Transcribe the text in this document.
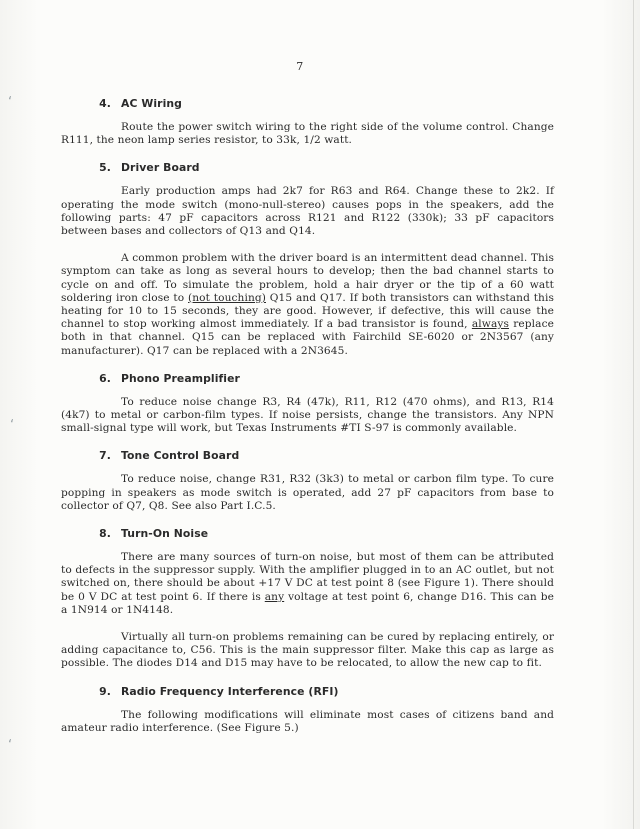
‘
‘
‘
7
4. AC Wiring

Route the power switch wiring to the right side of the volume control. Change R111, the neon lamp series resistor, to 33k, 1/2 watt.

5. Driver Board

Early production amps had 2k7 for R63 and R64. Change these to 2k2. If operating the mode switch (mono-null-stereo) causes pops in the speakers, add the following parts: 47 pF capacitors across R121 and R122 (330k); 33 pF capacitors between bases and collectors of Q13 and Q14.

A common problem with the driver board is an intermittent dead channel. This symptom can take as long as several hours to develop; then the bad channel starts to cycle on and off. To simulate the problem, hold a hair dryer or the tip of a 60 watt soldering iron close to (not touching) Q15 and Q17. If both transistors can withstand this heating for 10 to 15 seconds, they are good. However, if defective, this will cause the channel to stop working almost immediately. If a bad transistor is found, always replace both in that channel. Q15 can be replaced with Fairchild SE-6020 or 2N3567 (any manufacturer). Q17 can be replaced with a 2N3645.

6. Phono Preamplifier

To reduce noise change R3, R4 (47k), R11, R12 (470 ohms), and R13, R14 (4k7) to metal or carbon-film types. If noise persists, change the transistors. Any NPN small-signal type will work, but Texas Instruments #TI S-97 is commonly available.

7. Tone Control Board

To reduce noise, change R31, R32 (3k3) to metal or carbon film type. To cure popping in speakers as mode switch is operated, add 27 pF capacitors from base to collector of Q7, Q8. See also Part I.C.5.

8. Turn-On Noise

There are many sources of turn-on noise, but most of them can be attributed to defects in the suppressor supply. With the amplifier plugged in to an AC outlet, but not switched on, there should be about +17 V DC at test point 8 (see Figure 1). There should be 0 V DC at test point 6. If there is any voltage at test point 6, change D16. This can be a 1N914 or 1N4148.

Virtually all turn-on problems remaining can be cured by replacing entirely, or adding capacitance to, C56. This is the main suppressor filter. Make this cap as large as possible. The diodes D14 and D15 may have to be relocated, to allow the new cap to fit.

9. Radio Frequency Interference (RFI)

The following modifications will eliminate most cases of citizens band and amateur radio interference. (See Figure 5.)
